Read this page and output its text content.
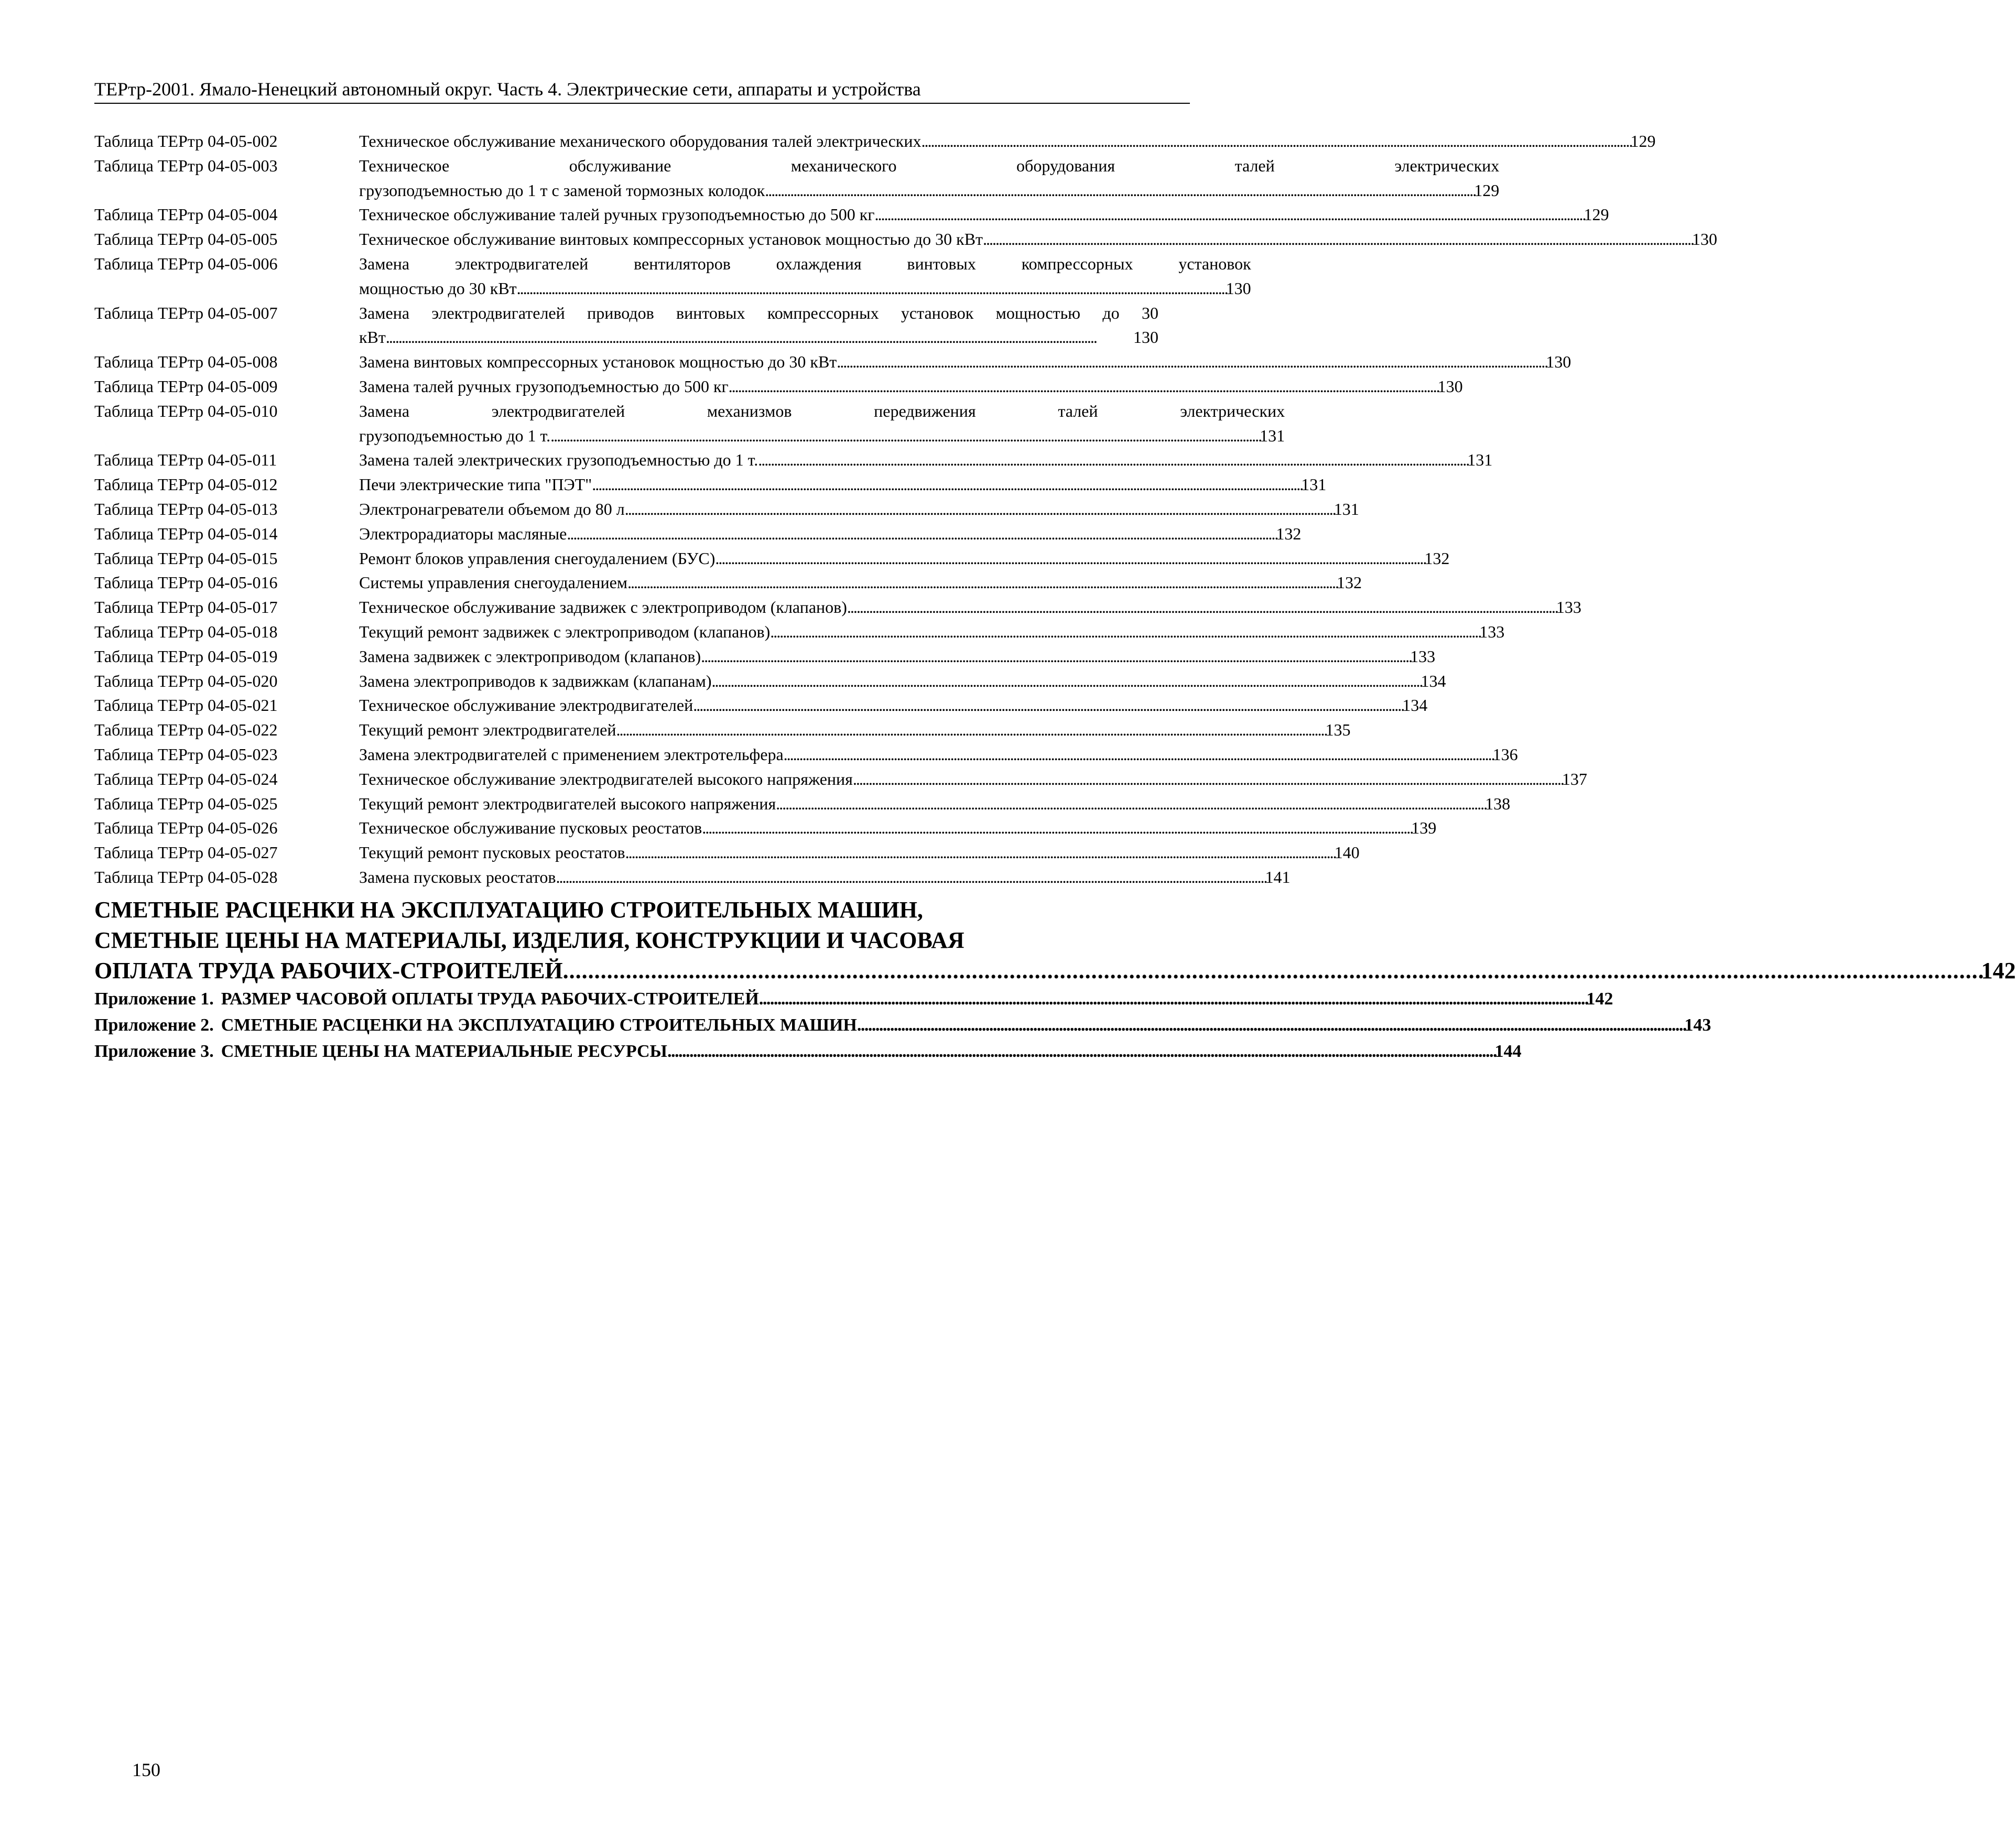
ТЕРтр-2001. Ямало-Ненецкий автономный округ. Часть 4. Электрические сети, аппараты и устройства
Таблица ТЕРтр 04-05-002	Техническое обслуживание механического оборудования талей электрических . . .	129
Таблица ТЕРтр 04-05-003	Техническое обслуживание механического оборудования талей электрических
грузоподъемностью до 1 т с заменой тормозных колодок . . .	129
Таблица ТЕРтр 04-05-004	Техническое обслуживание талей ручных грузоподъемностью до 500 кг . . .	129
Таблица ТЕРтр 04-05-005	Техническое обслуживание винтовых компрессорных установок мощностью до 30 кВт . . .	130
Таблица ТЕРтр 04-05-006	Замена электродвигателей вентиляторов охлаждения винтовых компрессорных установок
мощностью до 30 кВт . . .	130
Таблица ТЕРтр 04-05-007	Замена электродвигателей приводов винтовых компрессорных установок мощностью до 30
кВт . . .	130
Таблица ТЕРтр 04-05-008	Замена винтовых компрессорных установок мощностью до 30 кВт . . .	130
Таблица ТЕРтр 04-05-009	Замена талей ручных грузоподъемностью до 500 кг . . .	130
Таблица ТЕРтр 04-05-010	Замена электродвигателей механизмов передвижения талей электрических
грузоподъемностью до 1 т. . . .	131
Таблица ТЕРтр 04-05-011	Замена талей электрических грузоподъемностью до 1 т. . . .	131
Таблица ТЕРтр 04-05-012	Печи электрические типа "ПЭТ" . . .	131
Таблица ТЕРтр 04-05-013	Электронагреватели объемом до 80 л . . .	131
Таблица ТЕРтр 04-05-014	Электрорадиаторы масляные . . .	132
Таблица ТЕРтр 04-05-015	Ремонт блоков управления снегоудалением (БУС) . . .	132
Таблица ТЕРтр 04-05-016	Системы управления снегоудалением . . .	132
Таблица ТЕРтр 04-05-017	Техническое обслуживание задвижек с электроприводом (клапанов) . . .	133
Таблица ТЕРтр 04-05-018	Текущий ремонт задвижек с электроприводом (клапанов) . . .	133
Таблица ТЕРтр 04-05-019	Замена задвижек с электроприводом (клапанов) . . .	133
Таблица ТЕРтр 04-05-020	Замена электроприводов к задвижкам (клапанам) . . .	134
Таблица ТЕРтр 04-05-021	Техническое обслуживание электродвигателей . . .	134
Таблица ТЕРтр 04-05-022	Текущий ремонт электродвигателей . . .	135
Таблица ТЕРтр 04-05-023	Замена электродвигателей с применением электротельфера . . .	136
Таблица ТЕРтр 04-05-024	Техническое обслуживание электродвигателей высокого напряжения . . .	137
Таблица ТЕРтр 04-05-025	Текущий ремонт электродвигателей высокого напряжения . . .	138
Таблица ТЕРтр 04-05-026	Техническое обслуживание пусковых реостатов . . .	139
Таблица ТЕРтр 04-05-027	Текущий ремонт пусковых реостатов . . .	140
Таблица ТЕРтр 04-05-028	Замена пусковых реостатов . . .	141
СМЕТНЫЕ РАСЦЕНКИ НА ЭКСПЛУАТАЦИЮ СТРОИТЕЛЬНЫХ МАШИН,
СМЕТНЫЕ ЦЕНЫ НА МАТЕРИАЛЫ, ИЗДЕЛИЯ, КОНСТРУКЦИИ И ЧАСОВАЯ
ОПЛАТА ТРУДА РАБОЧИХ-СТРОИТЕЛЕЙ . . .	142
Приложение 1. РАЗМЕР ЧАСОВОЙ ОПЛАТЫ ТРУДА РАБОЧИХ-СТРОИТЕЛЕЙ . . .	142
Приложение 2. СМЕТНЫЕ РАСЦЕНКИ НА ЭКСПЛУАТАЦИЮ СТРОИТЕЛЬНЫХ МАШИН . . .	143
Приложение 3. СМЕТНЫЕ ЦЕНЫ НА МАТЕРИАЛЬНЫЕ РЕСУРСЫ . . .	144
150
